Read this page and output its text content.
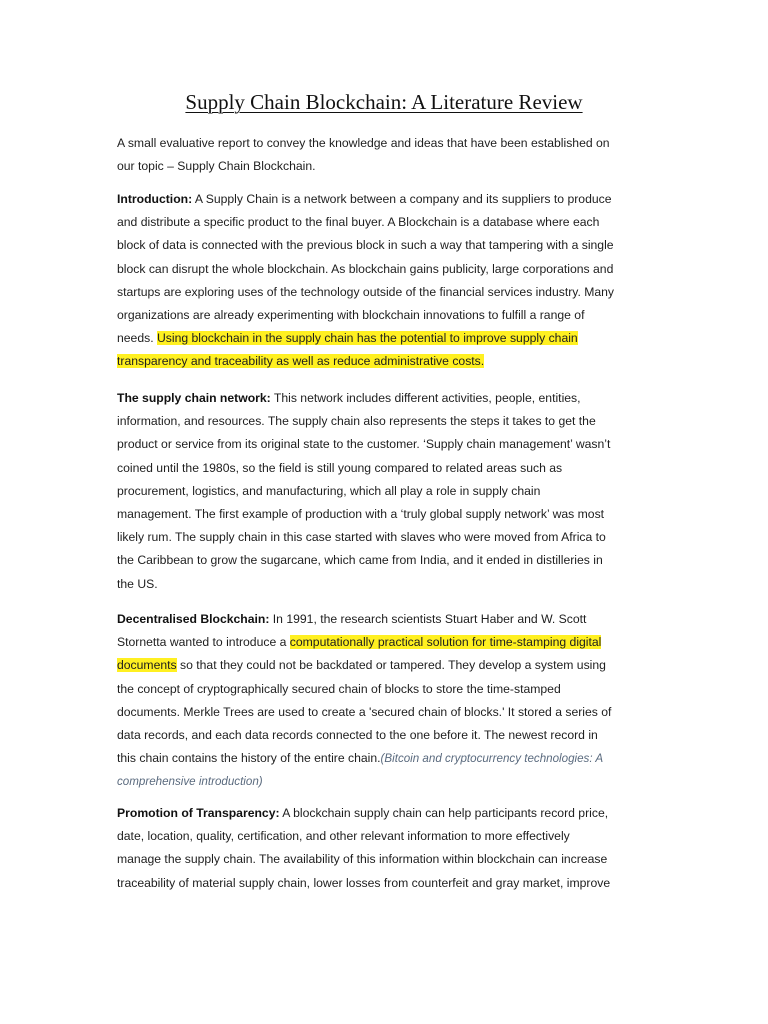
Supply Chain Blockchain: A Literature Review
A small evaluative report to convey the knowledge and ideas that have been established on
our topic – Supply Chain Blockchain.
Introduction: A Supply Chain is a network between a company and its suppliers to produce
and distribute a specific product to the final buyer. A Blockchain is a database where each
block of data is connected with the previous block in such a way that tampering with a single
block can disrupt the whole blockchain. As blockchain gains publicity, large corporations and
startups are exploring uses of the technology outside of the financial services industry. Many
organizations are already experimenting with blockchain innovations to fulfill a range of
needs. Using blockchain in the supply chain has the potential to improve supply chain
transparency and traceability as well as reduce administrative costs.
The supply chain network: This network includes different activities, people, entities,
information, and resources. The supply chain also represents the steps it takes to get the
product or service from its original state to the customer. ‘Supply chain management’ wasn’t
coined until the 1980s, so the field is still young compared to related areas such as
procurement, logistics, and manufacturing, which all play a role in supply chain
management. The first example of production with a ‘truly global supply network’ was most
likely rum. The supply chain in this case started with slaves who were moved from Africa to
the Caribbean to grow the sugarcane, which came from India, and it ended in distilleries in
the US.
Decentralised Blockchain: In 1991, the research scientists Stuart Haber and W. Scott
Stornetta wanted to introduce a computationally practical solution for time-stamping digital
documents so that they could not be backdated or tampered. They develop a system using
the concept of cryptographically secured chain of blocks to store the time-stamped
documents. Merkle Trees are used to create a 'secured chain of blocks.' It stored a series of
data records, and each data records connected to the one before it. The newest record in
this chain contains the history of the entire chain.(Bitcoin and cryptocurrency technologies: A
comprehensive introduction)
Promotion of Transparency: A blockchain supply chain can help participants record price,
date, location, quality, certification, and other relevant information to more effectively
manage the supply chain. The availability of this information within blockchain can increase
traceability of material supply chain, lower losses from counterfeit and gray market, improve
